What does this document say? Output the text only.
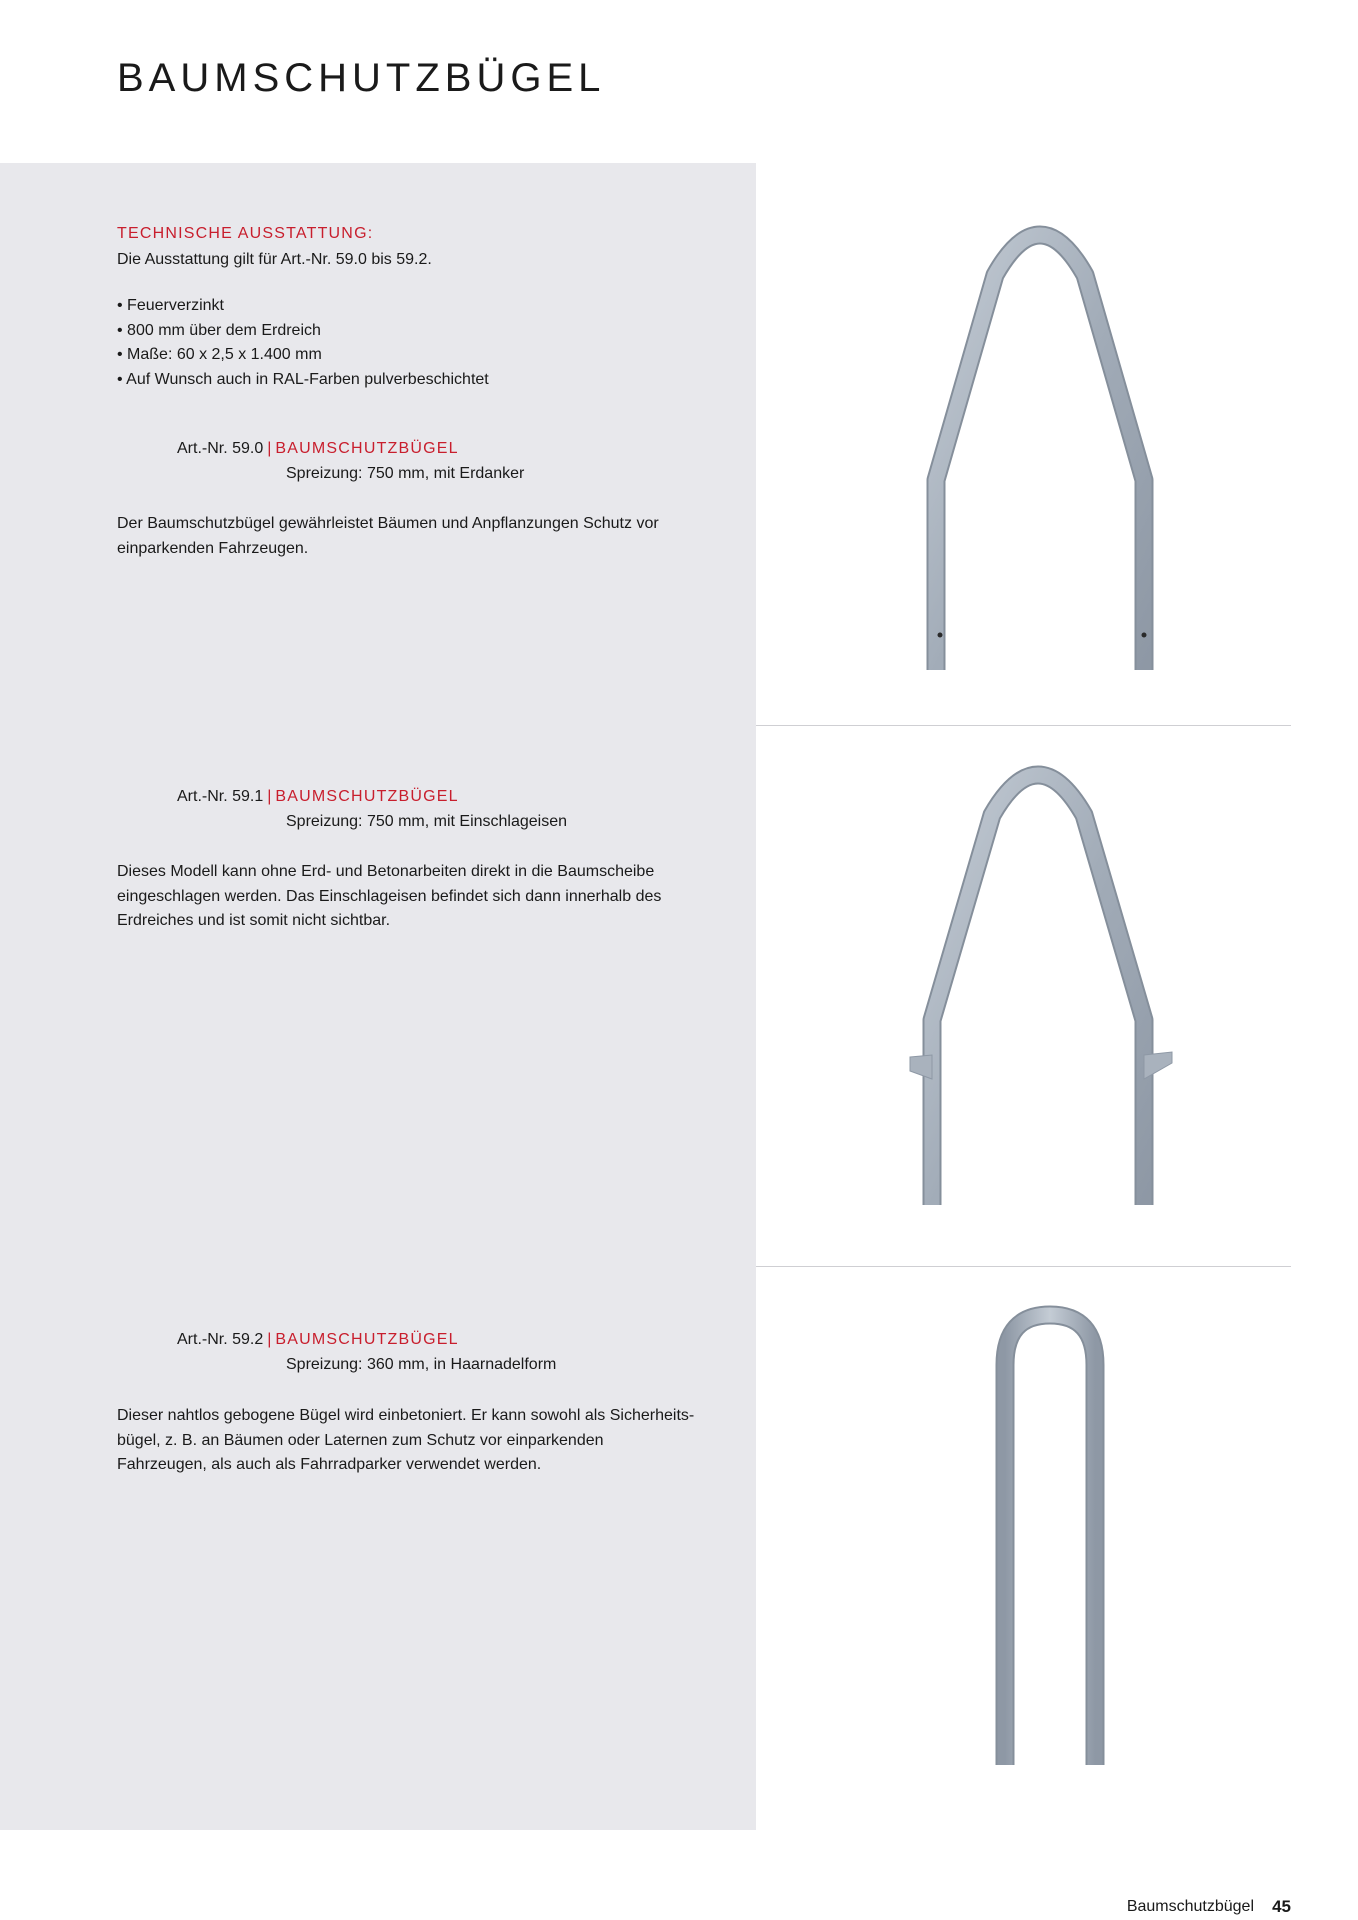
BAUMSCHUTZBÜGEL
TECHNISCHE AUSSTATTUNG:
Die Ausstattung gilt für Art.-Nr. 59.0 bis 59.2.
• Feuerverzinkt
• 800 mm über dem Erdreich
• Maße: 60 x 2,5 x 1.400 mm
• Auf Wunsch auch in RAL-Farben pulverbeschichtet
Art.-Nr. 59.0 | BAUMSCHUTZBÜGEL
Spreizung: 750 mm, mit Erdanker
Der Baumschutzbügel gewährleistet Bäumen und Anpflanzungen Schutz vor einparkenden Fahrzeugen.
Art.-Nr. 59.1 | BAUMSCHUTZBÜGEL
Spreizung: 750 mm, mit Einschlageisen
Dieses Modell kann ohne Erd- und Betonarbeiten direkt in die Baumscheibe eingeschlagen werden. Das Einschlageisen befindet sich dann innerhalb des Erdreiches und ist somit nicht sichtbar.
Art.-Nr. 59.2 | BAUMSCHUTZBÜGEL
Spreizung: 360 mm, in Haarnadelform
Dieser nahtlos gebogene Bügel wird einbetoniert. Er kann sowohl als Sicherheits-bügel, z. B. an Bäumen oder Laternen zum Schutz vor einparkenden Fahrzeugen, als auch als Fahrradparker verwendet werden.
Baumschutzbügel 45
